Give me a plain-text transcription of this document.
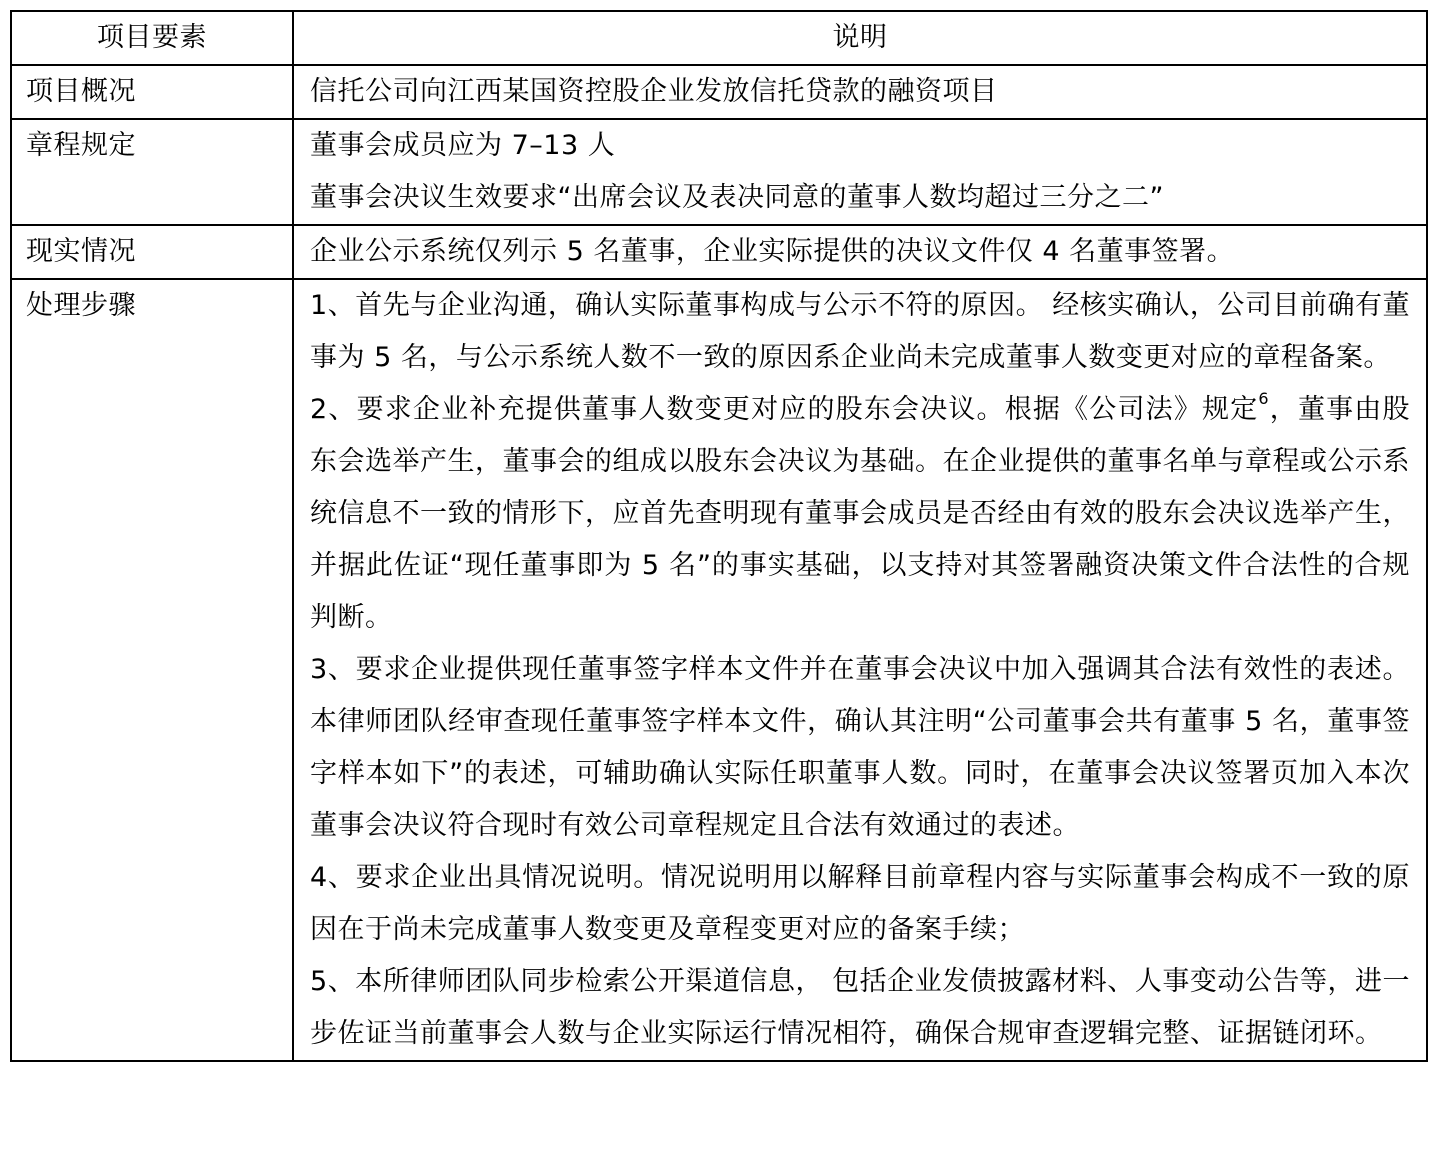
项目要素	说明
项目概况	信托公司向江西某国资控股企业发放信托贷款的融资项目

章程规定	董事会成员应为 7–13 人
董事会决议生效要求“出席会议及表决同意的董事人数均超过三分之二”

现实情况	企业公示系统仅列示 5 名董事，企业实际提供的决议文件仅 4 名董事签署。

处理步骤	1、首先与企业沟通，确认实际董事构成与公示不符的原因。 经核实确认，公司目前确有董事为 5 名，与公示系统人数不一致的原因系企业尚未完成董事人数变更对应的章程备案。
2、要求企业补充提供董事人数变更对应的股东会决议。根据《公司法》规定$^6$，董事由股东会选举产生，董事会的组成以股东会决议为基础。在企业提供的董事名单与章程或公示系统信息不一致的情形下，应首先查明现有董事会成员是否经由有效的股东会决议选举产生，并据此佐证“现任董事即为 5 名”的事实基础，以支持对其签署融资决策文件合法性的合规判断。
3、要求企业提供现任董事签字样本文件并在董事会决议中加入强调其合法有效性的表述。本律师团队经审查现任董事签字样本文件，确认其注明“公司董事会共有董事 5 名，董事签字样本如下”的表述，可辅助确认实际任职董事人数。同时，在董事会决议签署页加入本次董事会决议符合现时有效公司章程规定且合法有效通过的表述。
4、要求企业出具情况说明。情况说明用以解释目前章程内容与实际董事会构成不一致的原因在于尚未完成董事人数变更及章程变更对应的备案手续；
5、本所律师团队同步检索公开渠道信息， 包括企业发债披露材料、人事变动公告等，进一步佐证当前董事会人数与企业实际运行情况相符，确保合规审查逻辑完整、证据链闭环。
